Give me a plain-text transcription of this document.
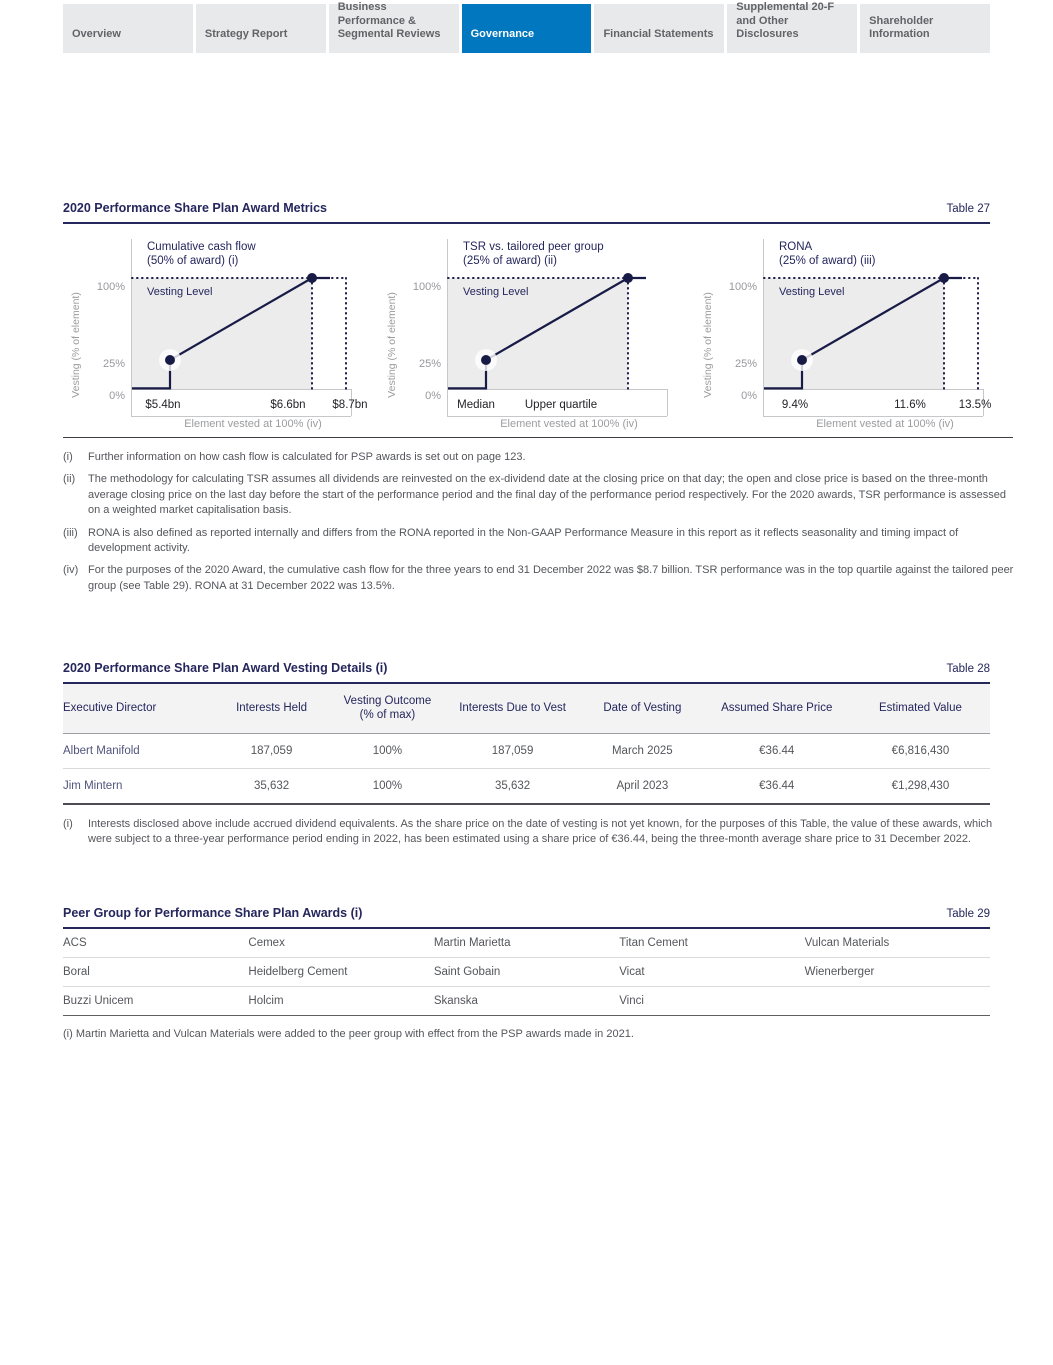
Overview	Strategy Report
Business Performance & Segmental Reviews	Governance	Financial Statements
Supplemental 20-F and Other Disclosures
Shareholder Information
2020 Performance Share Plan Award Metrics	Table 27
Vesting (% of element)
Cumulative cash flow
(50% of award) (i)
Vesting Level
100%
25%
0%
$5.4bn	$6.6bn $8.7bn
Element vested at 100% (iv)
Vesting (% of element)
TSR vs. tailored peer group
(25% of award) (ii)
Vesting Level
100%
25%
0%
Median	Upper quartile
Element vested at 100% (iv)
Vesting (% of element)
RONA
(25% of award) (iii)
Vesting Level
100%
25%
0%
9.4%	11.6%	13.5%
Element vested at 100% (iv)
(i)	Further information on how cash flow is calculated for PSP awards is set out on page 123.
(ii)	The methodology for calculating TSR assumes all dividends are reinvested on the ex-dividend date at the closing price on that day; the open and close price is based on the three-month average closing price on the last day before the start of the performance period and the final day of the performance period respectively. For the 2020 awards, TSR performance is assessed on a weighted market capitalisation basis.
(iii) RONA is also defined as reported internally and differs from the RONA reported in the Non-GAAP Performance Measure in this report as it reflects seasonality and timing impact of development activity.
(iv) For the purposes of the 2020 Award, the cumulative cash flow for the three years to end 31 December 2022 was $8.7 billion. TSR performance was in the top quartile against the tailored peer group (see Table 29). RONA at 31 December 2022 was 13.5%.
2020 Performance Share Plan Award Vesting Details (i)	Table 28
Executive Director	Interests Held	Vesting Outcome (% of max)	Interests Due to Vest	Date of Vesting	Assumed Share Price	Estimated Value
Albert Manifold	187,059	100%	187,059	March 2025	€36.44	€6,816,430
Jim Mintern	35,632	100%	35,632	April 2023	€36.44	€1,298,430
(i)	Interests disclosed above include accrued dividend equivalents. As the share price on the date of vesting is not yet known, for the purposes of this Table, the value of these awards, which were subject to a three-year performance period ending in 2022, has been estimated using a share price of €36.44, being the three-month average share price to 31 December 2022.
Peer Group for Performance Share Plan Awards (i)	Table 29
ACS	Cemex	Martin Marietta	Titan Cement	Vulcan Materials
Boral	Heidelberg Cement	Saint Gobain	Vicat	Wienerberger
Buzzi Unicem	Holcim	Skanska	Vinci
(i) Martin Marietta and Vulcan Materials were added to the peer group with effect from the PSP awards made in 2021.
